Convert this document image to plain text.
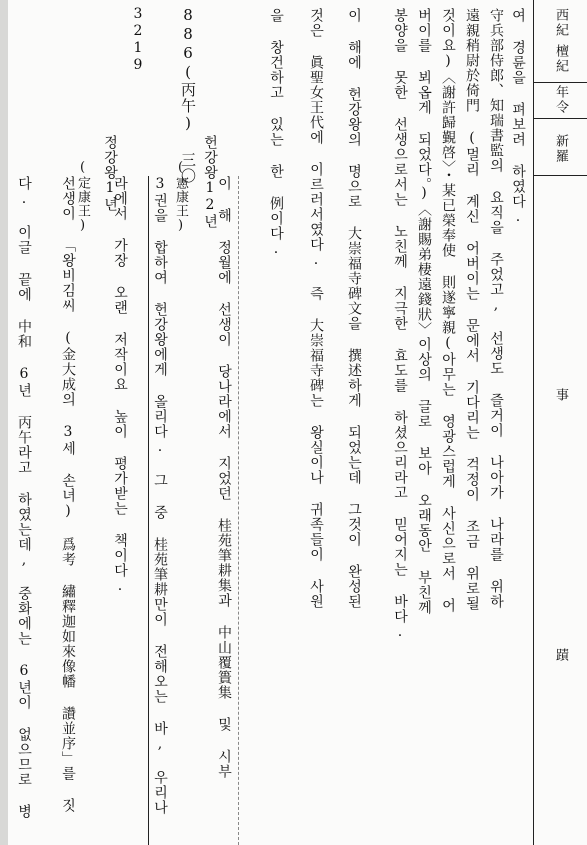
西紀 檀紀
年令
新羅
事
蹟
886(丙午) 三〇
3219
헌강왕12년
(憲康王)
정강왕1년
(定康王)	여 경륜을 펴보려 하였다.
守兵部侍郎、知瑞書監의 요직을 주었고, 선생도 즐거이 나아가 나라를 위하
遠親稍尉於倚門 (멀리 계신 어버이는 문에서 기다리는 걱정이 조금 위로될
것이요)〈謝許歸覲啓〉・某已榮奉使 則遂寧親(아무는 영광스럽게 사신으로서 어
버이를 뵈옵게 되었다。)〈謝賜弟棲遠錢狀〉이상의 글로 보아 오래동안 부친께
봉양을 못한 선생으로서는 노친께 지극한 효도를 하셨으리라고 믿어지는 바다.
이 해에 헌강왕의 명으로 大崇福寺碑文을 撰述하게 되었는데 그것이 완성된
것은 眞聖女王代에 이르러서였다. 즉 大崇福寺碑는 왕실이나 귀족들이 사원
을 창건하고 있는 한 例이다.
이 해 정월에 선생이 당나라에서 지었던 桂苑筆耕集과 中山覆簣集 및 시부
3권을 합하여 헌강왕에게 올리다. 그 중 桂苑筆耕만이 전해오는 바, 우리나
라에서 가장 오랜 저작이요 높이 평가받는 책이다.
선생이 「왕비김씨 (金大成의 3세 손녀) 爲考 繡釋迦如來像幡 讚並序」를 짓
다. 이글 끝에 中和 6년 丙午라고 하였는데, 중화에는 6년이 없으므로 병
